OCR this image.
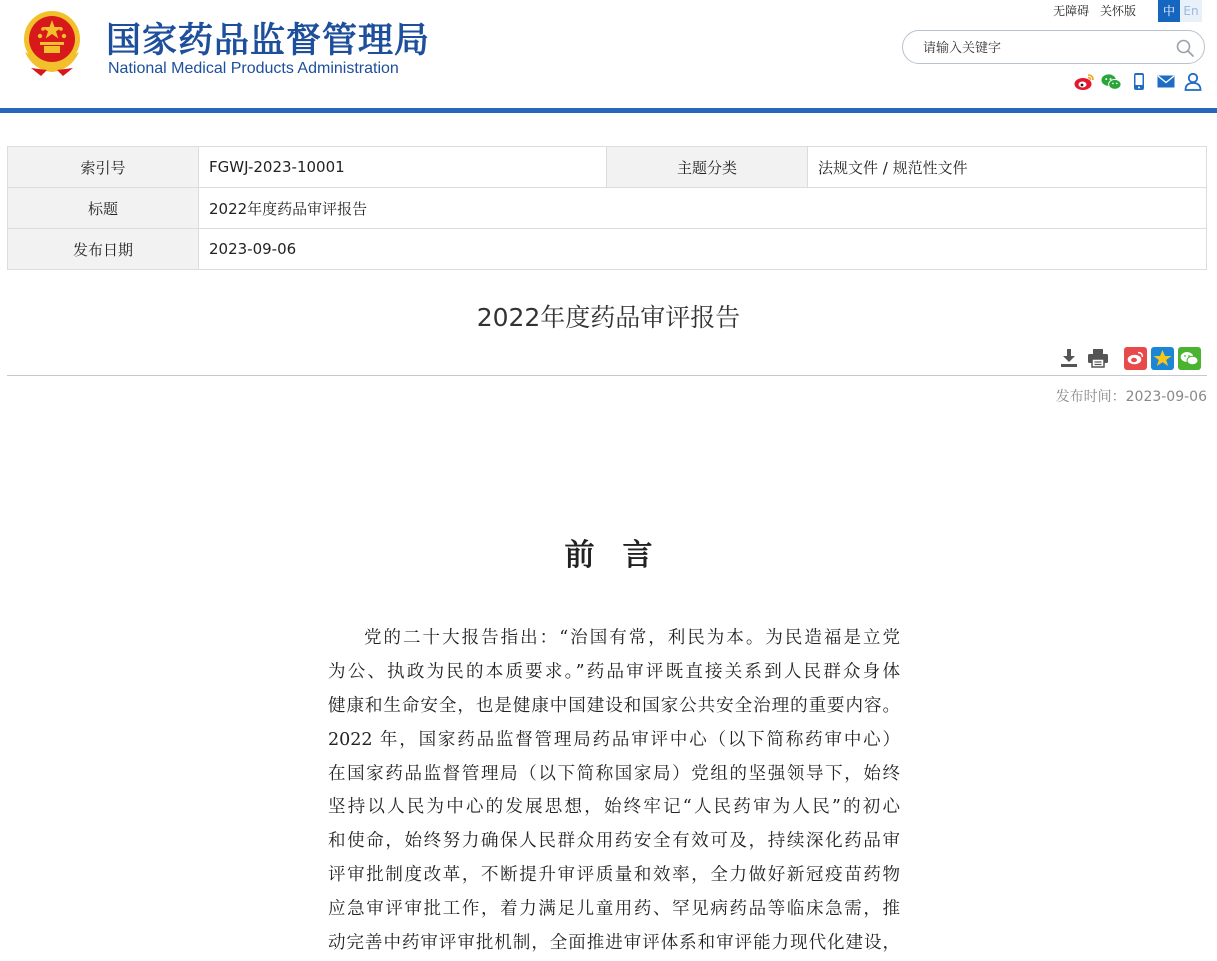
国家药品监督管理局
National Medical Products Administration
无障碍 关怀版	中 En
请输入关键字
索引号	FGWJ-2023-10001	主题分类	法规文件 / 规范性文件
标题	2022年度药品审评报告		
发布日期	2023-09-06		
2022年度药品审评报告
发布时间：2023-09-06
前言
党的二十大报告指出：“治国有常，利民为本。为民造福是立党
为公、执政为民的本质要求。”药品审评既直接关系到人民群众身体
健康和生命安全，也是健康中国建设和国家公共安全治理的重要内容。
2022 年，国家药品监督管理局药品审评中心（以下简称药审中心）
在国家药品监督管理局（以下简称国家局）党组的坚强领导下，始终
坚持以人民为中心的发展思想，始终牢记“人民药审为人民”的初心
和使命，始终努力确保人民群众用药安全有效可及，持续深化药品审
评审批制度改革，不断提升审评质量和效率，全力做好新冠疫苗药物
应急审评审批工作，着力满足儿童用药、罕见病药品等临床急需，推
动完善中药审评审批机制，全面推进审评体系和审评能力现代化建设，
